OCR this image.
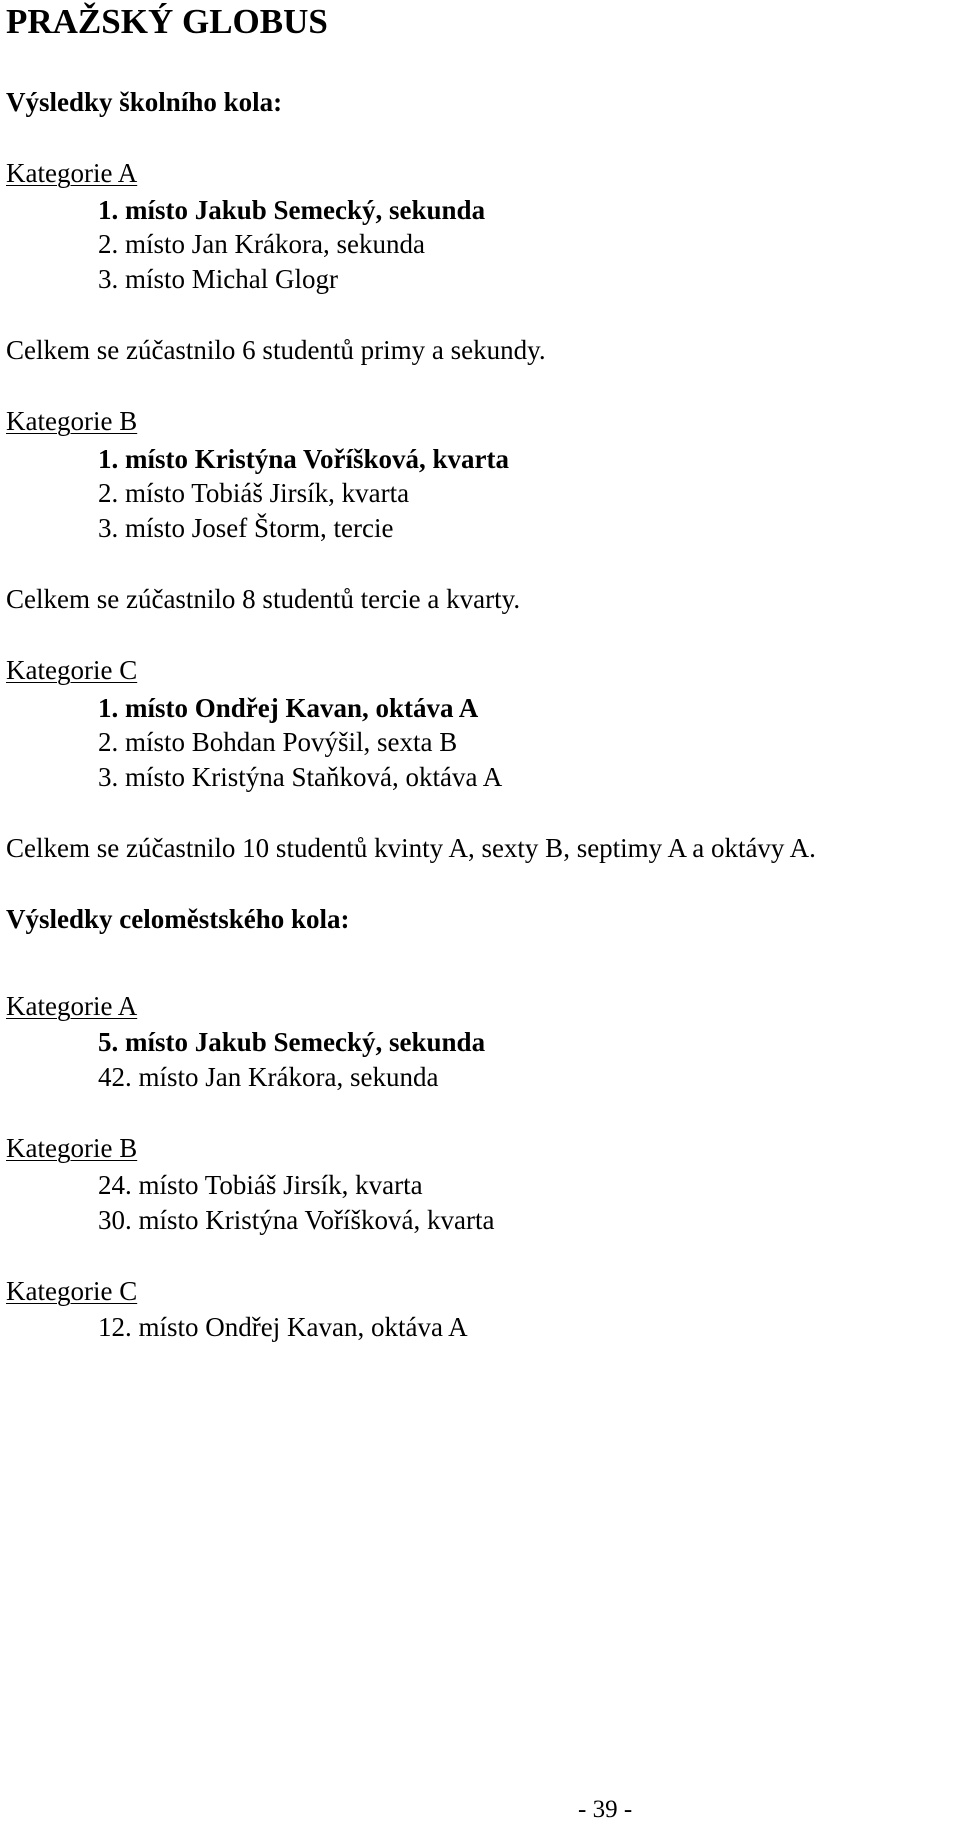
PRAŽSKÝ GLOBUS
Výsledky školního kola:
Kategorie A
1. místo Jakub Semecký, sekunda
2. místo Jan Krákora, sekunda
3. místo Michal Glogr
Celkem se zúčastnilo 6 studentů primy a sekundy.
Kategorie B
1. místo Kristýna Voříšková, kvarta
2. místo Tobiáš Jirsík, kvarta
3. místo Josef Štorm, tercie
Celkem se zúčastnilo 8 studentů tercie a kvarty.
Kategorie C
1. místo Ondřej Kavan, oktáva A
2. místo Bohdan Povýšil, sexta B
3. místo Kristýna Staňková, oktáva A
Celkem se zúčastnilo 10 studentů kvinty A, sexty B, septimy A a oktávy A.
Výsledky celoměstského kola:
Kategorie A
5. místo Jakub Semecký, sekunda
42. místo Jan Krákora, sekunda
Kategorie B
24. místo Tobiáš Jirsík, kvarta
30. místo Kristýna Voříšková, kvarta
Kategorie C
12. místo Ondřej Kavan, oktáva A
- 39 -
